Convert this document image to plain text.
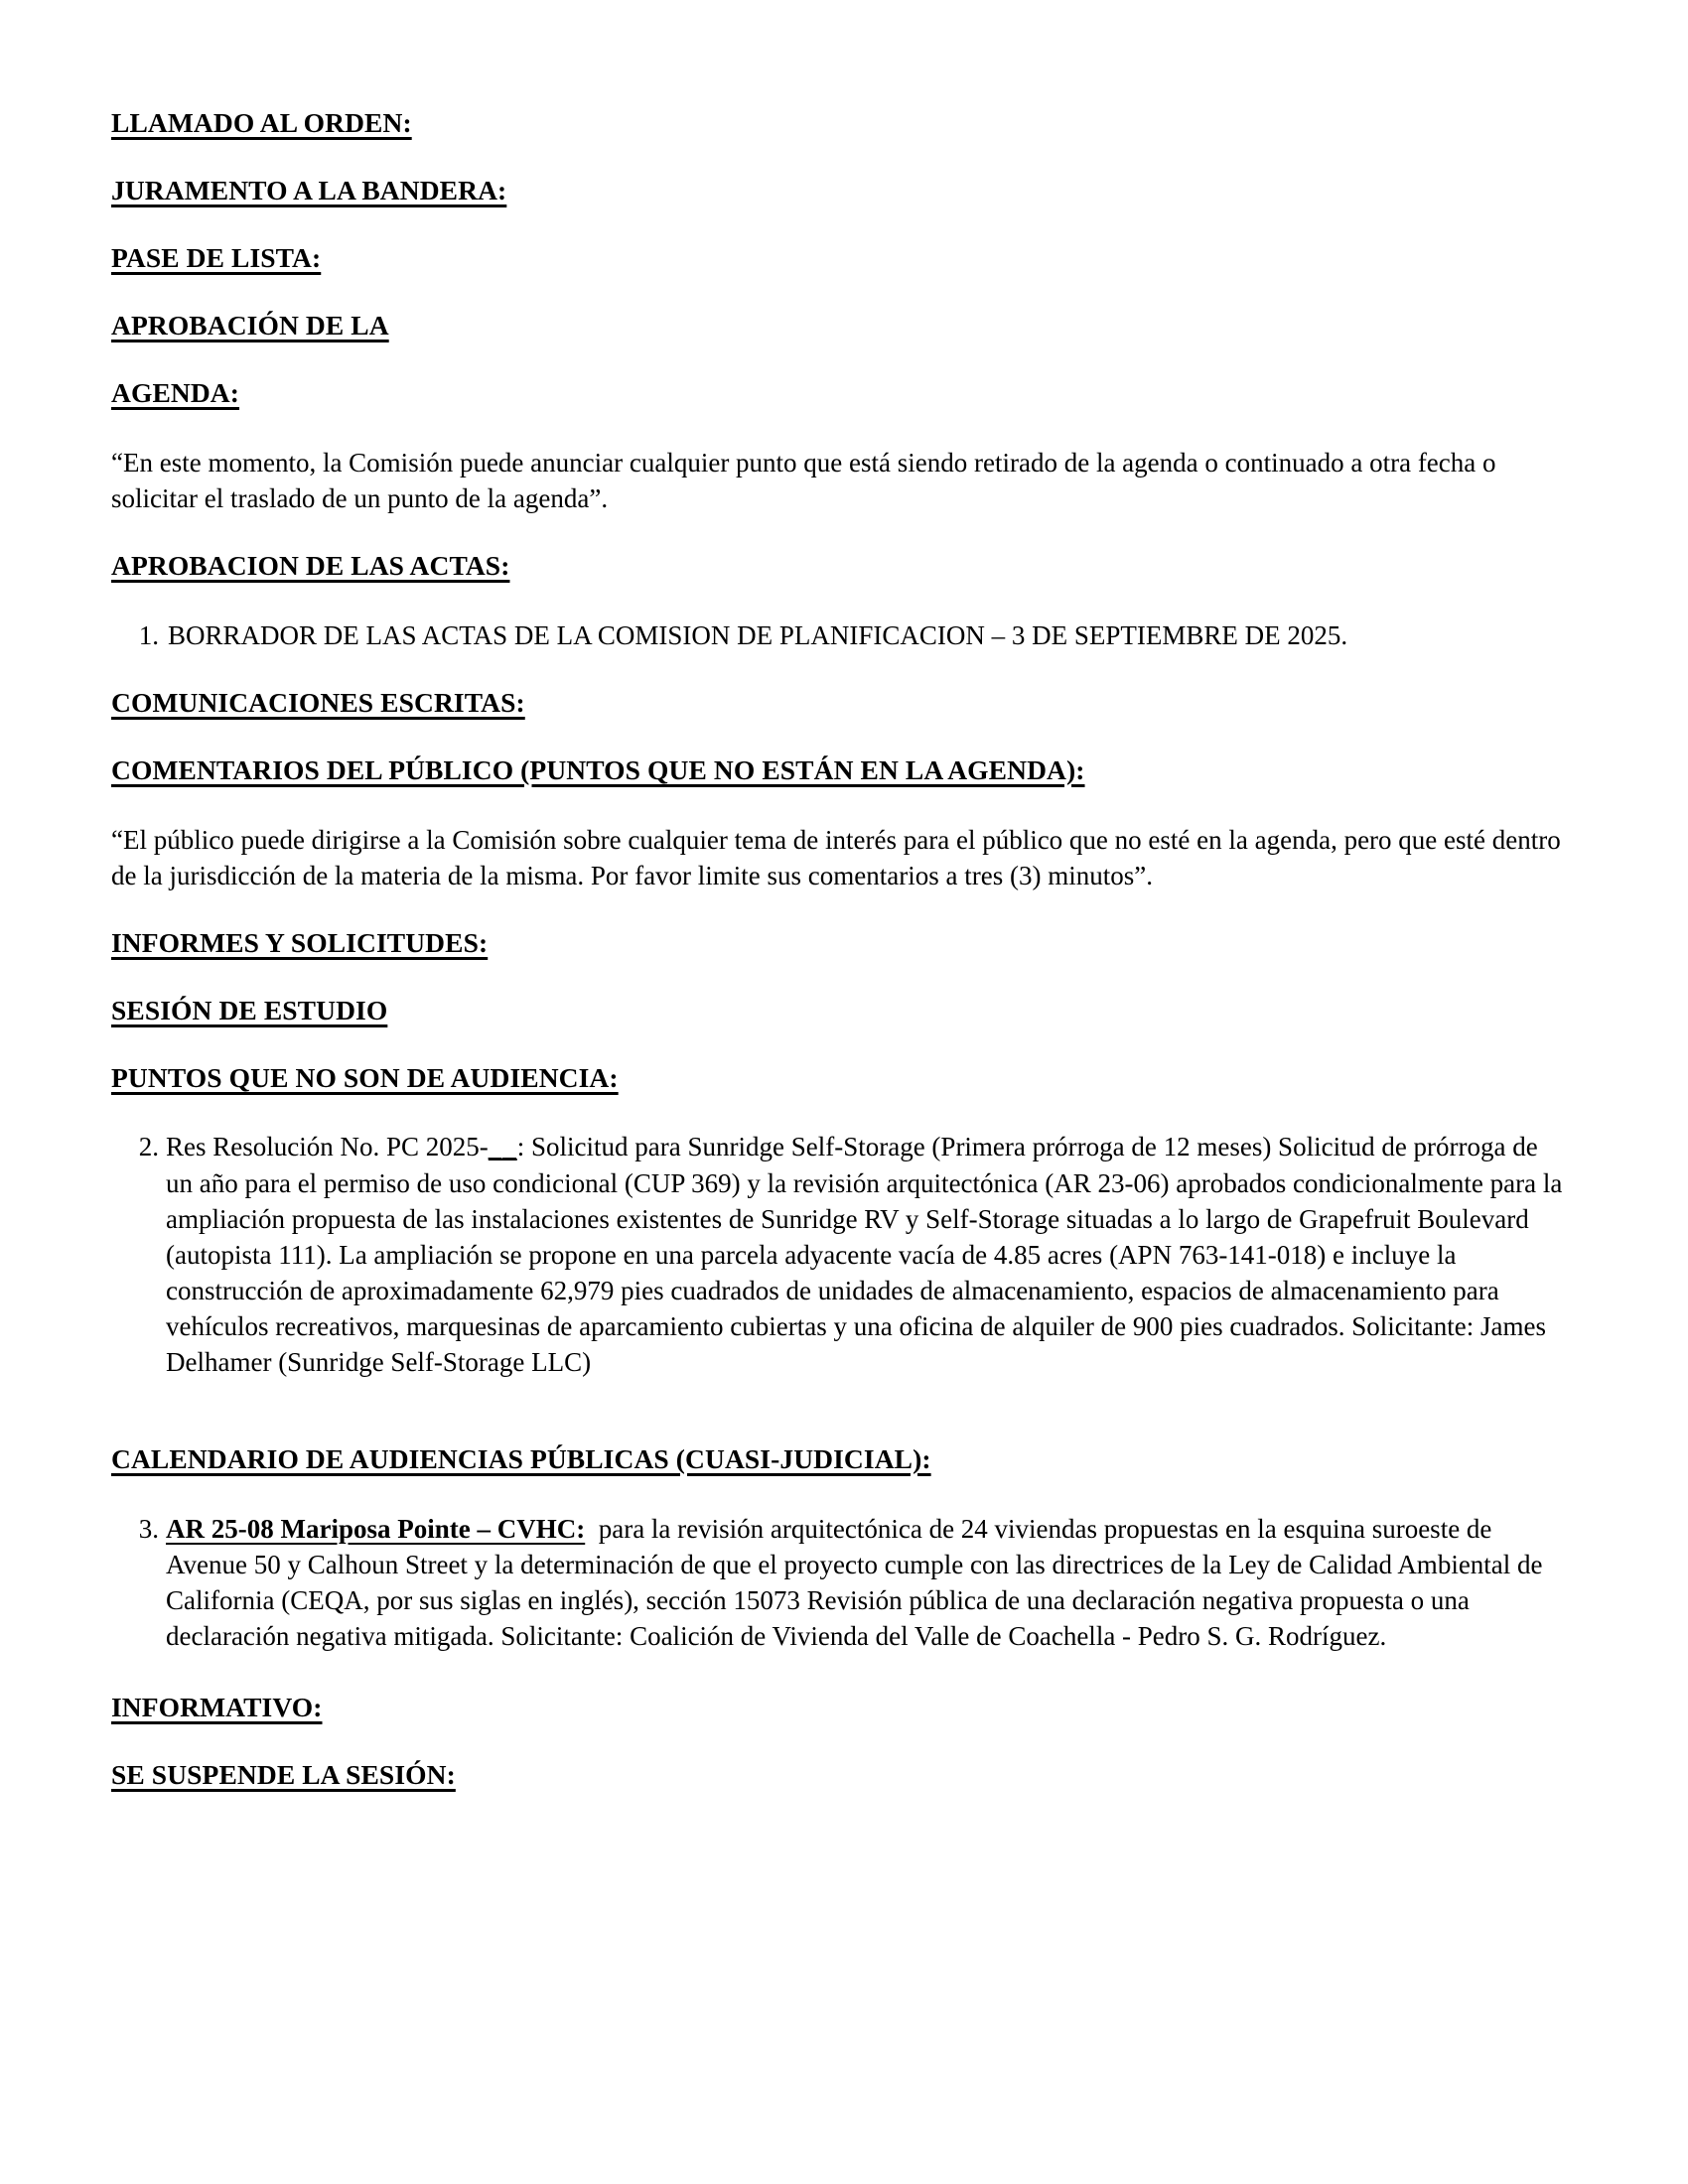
LLAMADO AL ORDEN:
JURAMENTO A LA BANDERA:
PASE DE LISTA:
APROBACIÓN DE LA
AGENDA:
“En este momento, la Comisión puede anunciar cualquier punto que está siendo retirado de la agenda o continuado a otra fecha o solicitar el traslado de un punto de la agenda”.
APROBACION DE LAS ACTAS:
1. BORRADOR DE LAS ACTAS DE LA COMISION DE PLANIFICACION – 3 DE SEPTIEMBRE DE 2025.
COMUNICACIONES ESCRITAS:
COMENTARIOS DEL PÚBLICO (PUNTOS QUE NO ESTÁN EN LA AGENDA):
“El público puede dirigirse a la Comisión sobre cualquier tema de interés para el público que no esté en la agenda, pero que esté dentro de la jurisdicción de la materia de la misma. Por favor limite sus comentarios a tres (3) minutos”.
INFORMES Y SOLICITUDES:
SESIÓN DE ESTUDIO
PUNTOS QUE NO SON DE AUDIENCIA:
2. Res Resolución No. PC 2025-__: Solicitud para Sunridge Self-Storage (Primera prórroga de 12 meses) Solicitud de prórroga de un año para el permiso de uso condicional (CUP 369) y la revisión arquitectónica (AR 23-06) aprobados condicionalmente para la ampliación propuesta de las instalaciones existentes de Sunridge RV y Self-Storage situadas a lo largo de Grapefruit Boulevard (autopista 111). La ampliación se propone en una parcela adyacente vacía de 4.85 acres (APN 763-141-018) e incluye la construcción de aproximadamente 62,979 pies cuadrados de unidades de almacenamiento, espacios de almacenamiento para vehículos recreativos, marquesinas de aparcamiento cubiertas y una oficina de alquiler de 900 pies cuadrados. Solicitante: James Delhamer (Sunridge Self-Storage LLC)
CALENDARIO DE AUDIENCIAS PÚBLICAS (CUASI-JUDICIAL):
3. AR 25-08 Mariposa Pointe – CVHC: para la revisión arquitectónica de 24 viviendas propuestas en la esquina suroeste de Avenue 50 y Calhoun Street y la determinación de que el proyecto cumple con las directrices de la Ley de Calidad Ambiental de California (CEQA, por sus siglas en inglés), sección 15073 Revisión pública de una declaración negativa propuesta o una declaración negativa mitigada. Solicitante: Coalición de Vivienda del Valle de Coachella - Pedro S. G. Rodríguez.
INFORMATIVO:
SE SUSPENDE LA SESIÓN:
